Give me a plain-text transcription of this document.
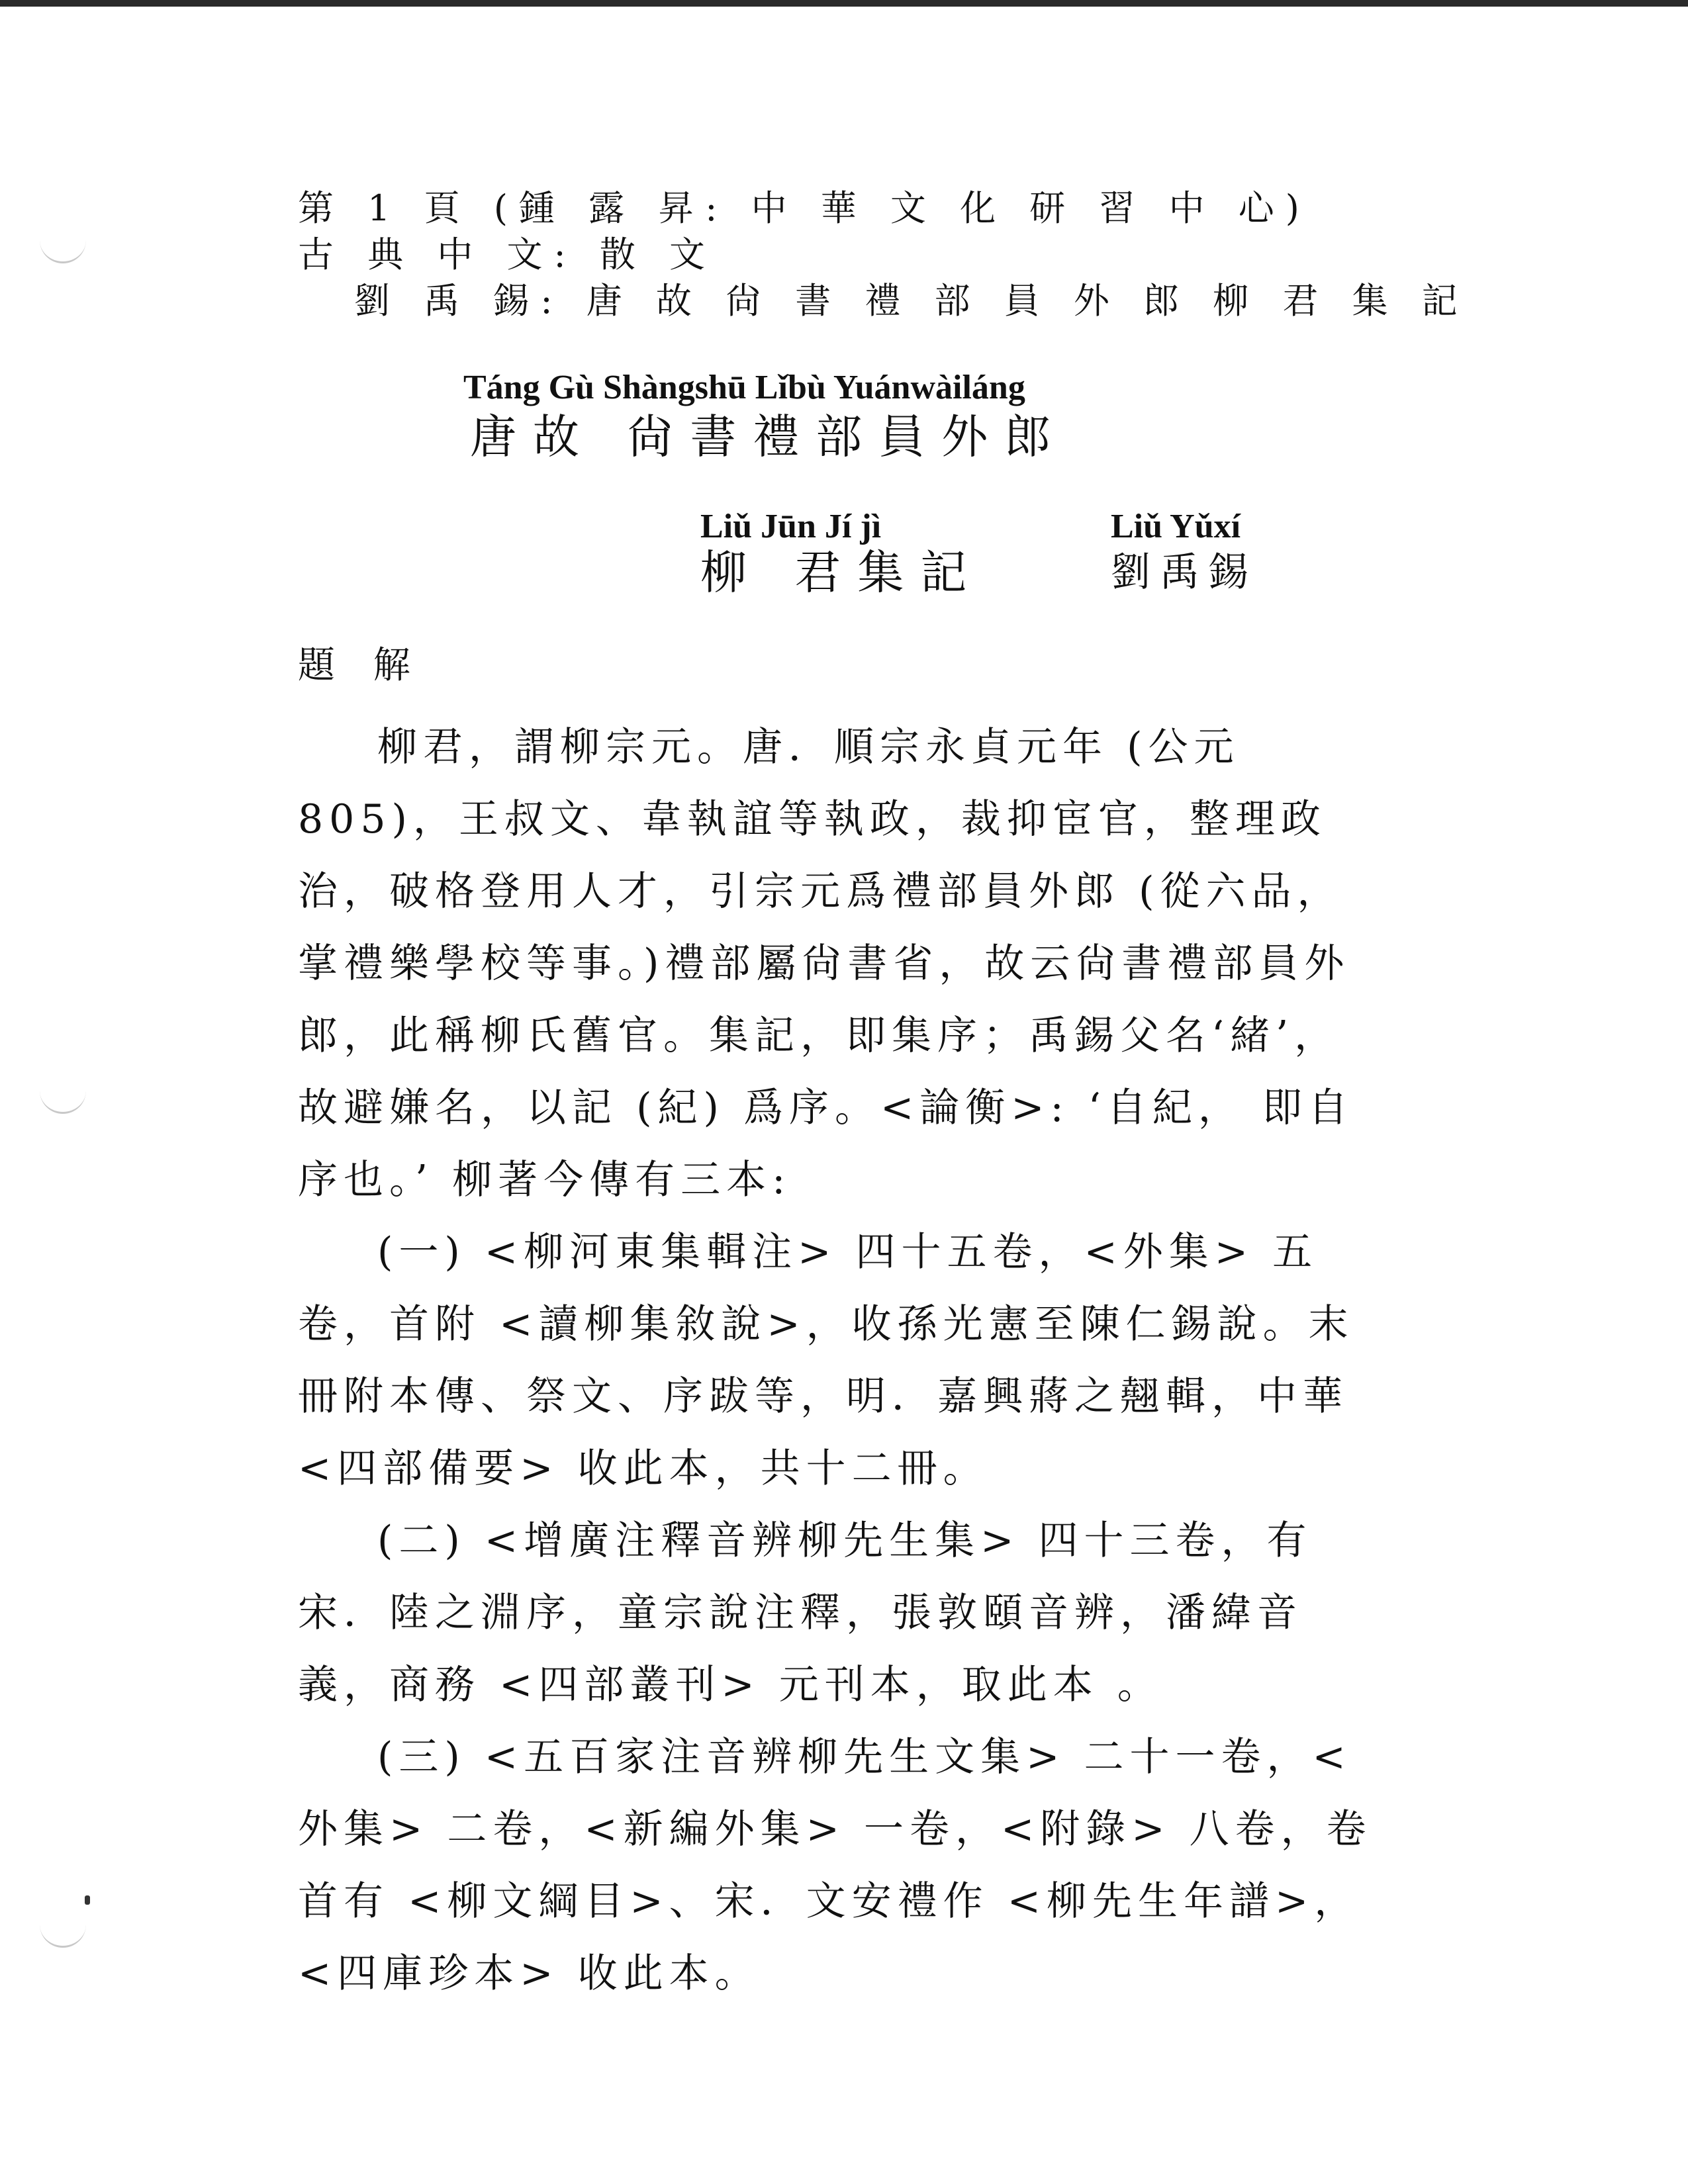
第 1 頁 (鍾 露 昇: 中 華 文 化 研 習 中 心)
古 典 中 文: 散 文
劉 禹 錫: 唐 故 尙 書 禮 部 員 外 郎 柳 君 集 記
Táng Gù Shàngshū Lǐbù Yuánwàiláng
唐故 尙書禮部員外郎
Liǔ Jūn Jí jì
柳 君集記
Liǔ Yǔxí
劉禹錫
題 解

柳君，謂柳宗元。唐．順宗永貞元年 (公元 805)，王叔文、韋執誼等執政，裁抑宦官，整理政治，破格登用人才，引宗元爲禮部員外郎 (從六品，掌禮樂學校等事。)禮部屬尙書省，故云尙書禮部員外郎，此稱柳氏舊官。集記，即集序；禹錫父名‘緒’，故避嫌名，以記 (紀) 爲序。<論衡>: ‘自紀， 即自序也。’ 柳著今傳有三本:

(一) <柳河東集輯注> 四十五卷，<外集> 五卷，首附 <讀柳集敘說>，收孫光憲至陳仁錫說。末冊附本傳、祭文、序跋等，明．嘉興蔣之翹輯，中華 <四部備要> 收此本，共十二冊。

(二) <增廣注釋音辨柳先生集> 四十三卷，有宋．陸之淵序，童宗說注釋，張敦頤音辨，潘緯音義，商務 <四部叢刊> 元刊本，取此本 。

(三) <五百家注音辨柳先生文集> 二十一卷，<外集> 二卷，<新編外集> 一卷，<附錄> 八卷，卷首有 <柳文綱目>、宋．文安禮作 <柳先生年譜>， <四庫珍本> 收此本。
